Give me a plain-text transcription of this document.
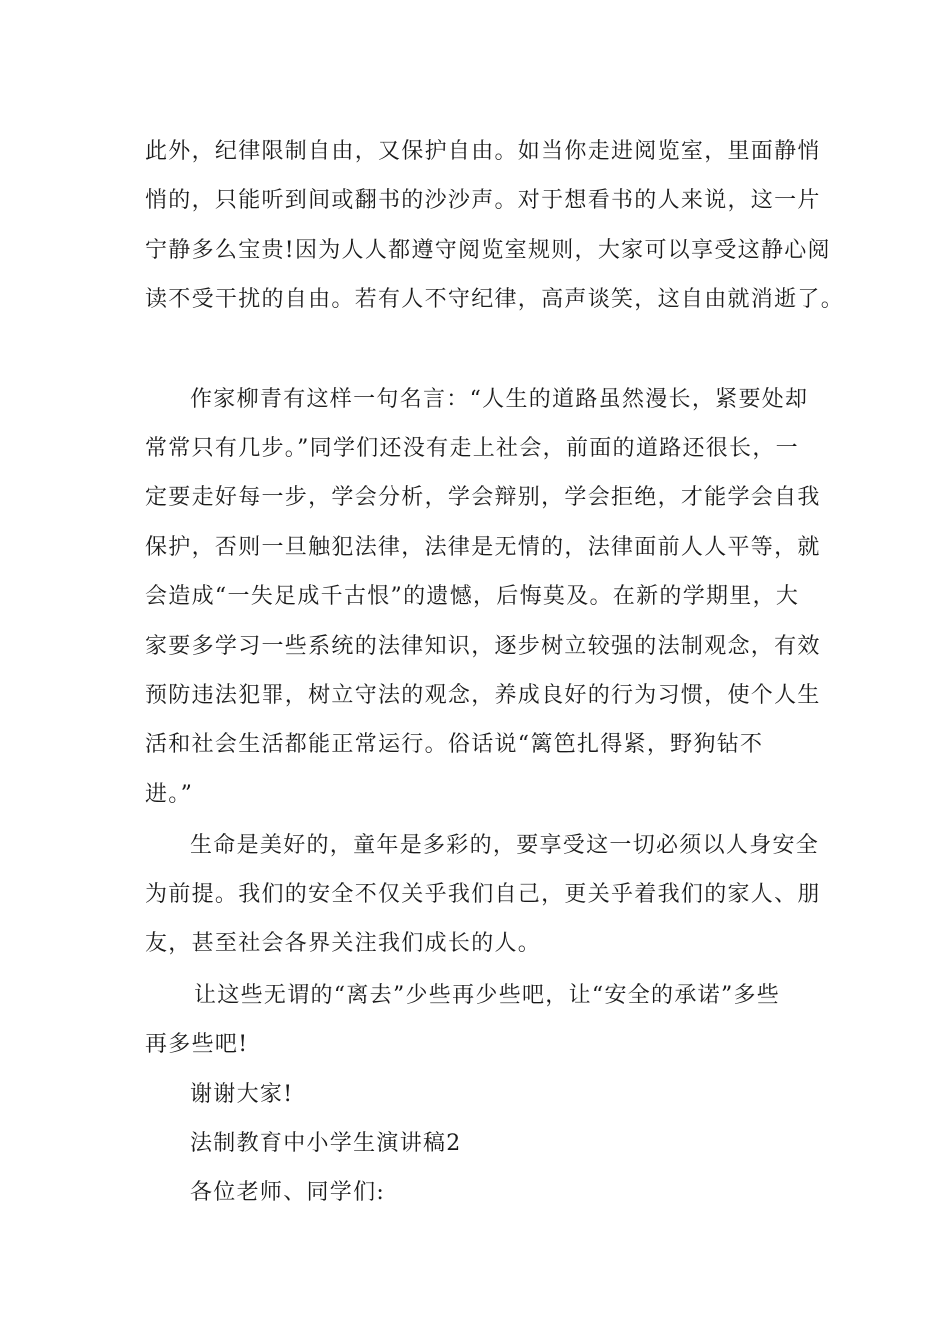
此外，纪律限制自由，又保护自由。如当你走进阅览室，里面静悄
悄的，只能听到间或翻书的沙沙声。对于想看书的人来说，这一片
宁静多么宝贵!因为人人都遵守阅览室规则，大家可以享受这静心阅
读不受干扰的自由。若有人不守纪律，高声谈笑，这自由就消逝了。
作家柳青有这样一句名言：“人生的道路虽然漫长，紧要处却
常常只有几步。”同学们还没有走上社会，前面的道路还很长，一
定要走好每一步，学会分析，学会辩别，学会拒绝，才能学会自我
保护，否则一旦触犯法律，法律是无情的，法律面前人人平等，就
会造成“一失足成千古恨”的遗憾，后悔莫及。在新的学期里，大
家要多学习一些系统的法律知识，逐步树立较强的法制观念，有效
预防违法犯罪，树立守法的观念，养成良好的行为习惯，使个人生
活和社会生活都能正常运行。俗话说“篱笆扎得紧，野狗钻不
进。”
生命是美好的，童年是多彩的，要享受这一切必须以人身安全
为前提。我们的安全不仅关乎我们自己，更关乎着我们的家人、朋
友，甚至社会各界关注我们成长的人。
让这些无谓的“离去”少些再少些吧，让“安全的承诺”多些
再多些吧!
谢谢大家!
法制教育中小学生演讲稿2
各位老师、同学们:
